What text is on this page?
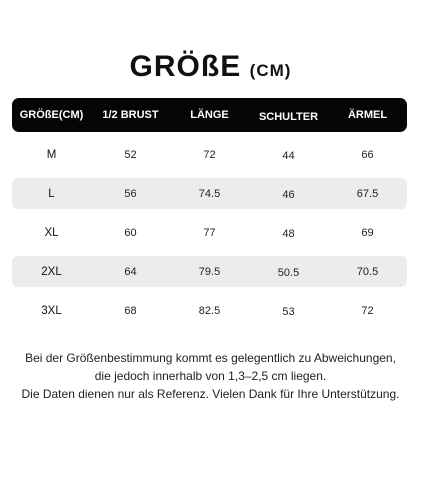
GRÖßE (CM)
GRÖßE(CM)	1/2 BRUST	LÄNGE	SCHULTER	ÄRMEL
M	52	72	44	66
L	56	74.5	46	67.5
XL	60	77	48	69
2XL	64	79.5	50.5	70.5
3XL	68	82.5	53	72
Bei der Größenbestimmung kommt es gelegentlich zu Abweichungen,
die jedoch innerhalb von 1,3–2,5 cm liegen.
Die Daten dienen nur als Referenz. Vielen Dank für Ihre Unterstützung.
